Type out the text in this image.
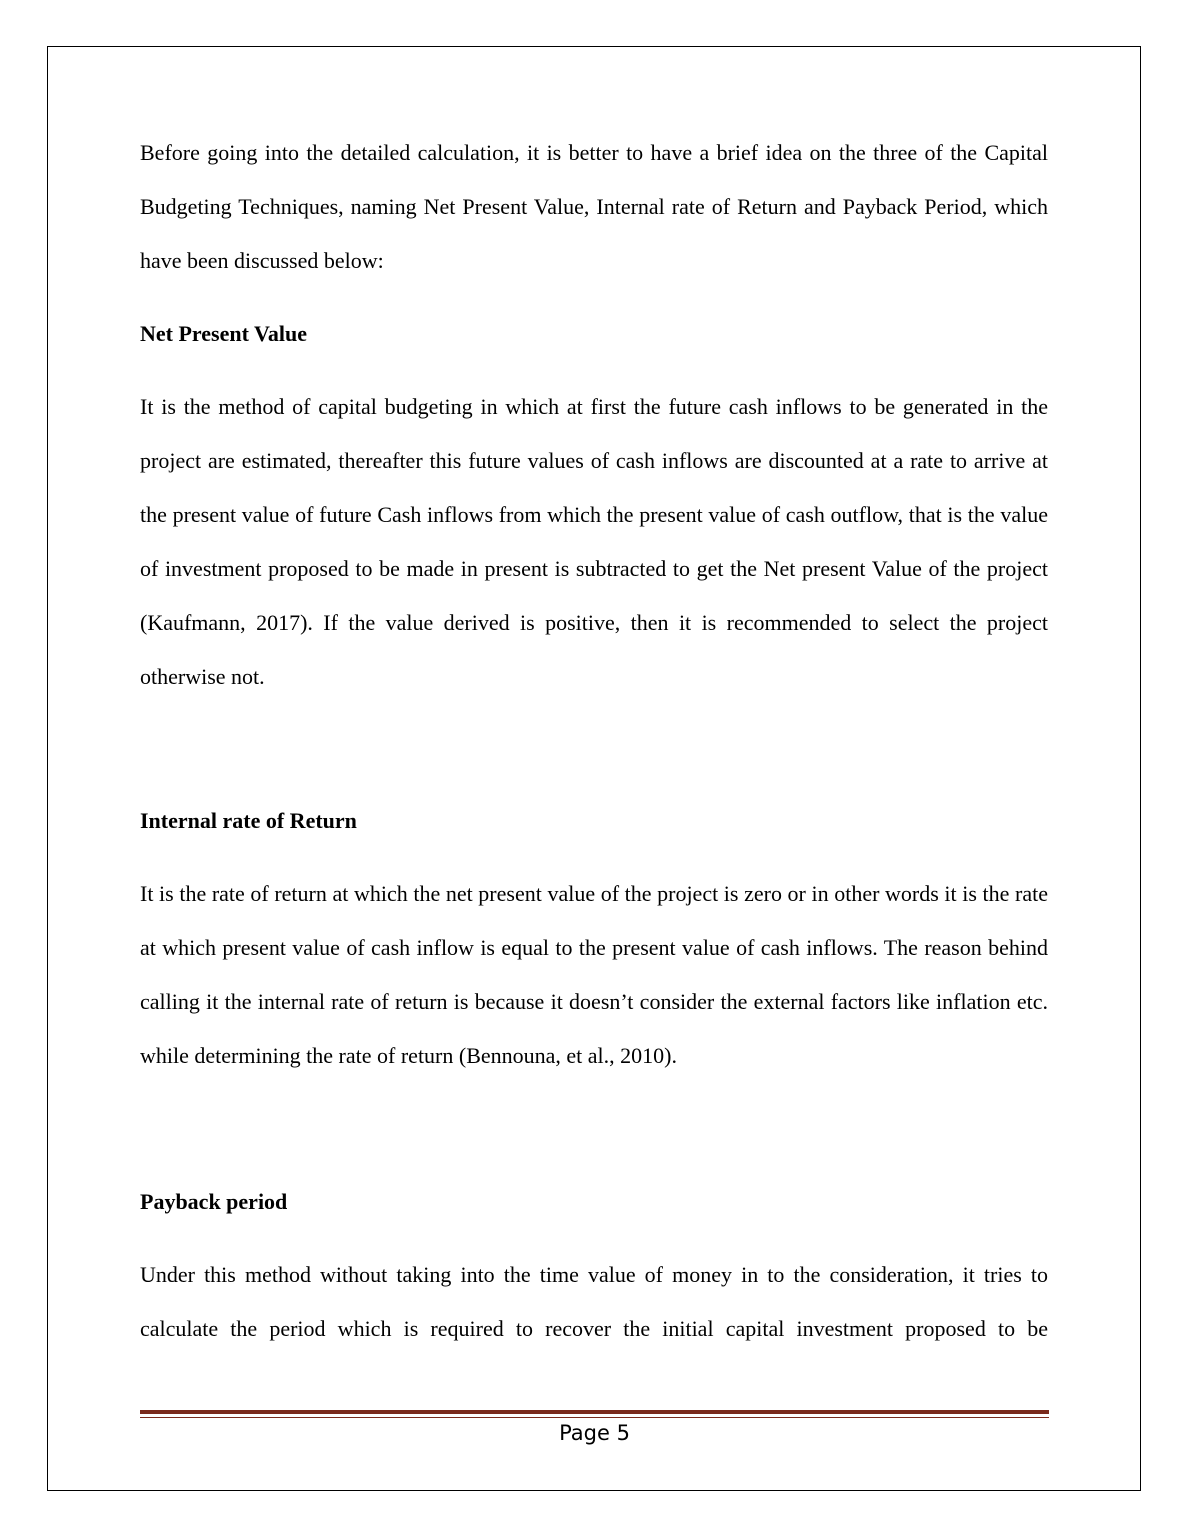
Before going into the detailed calculation, it is better to have a brief idea on the three of the Capital Budgeting Techniques, naming Net Present Value, Internal rate of Return and Payback Period, which have been discussed below:

Net Present Value

It is the method of capital budgeting in which at first the future cash inflows to be generated in the project are estimated, thereafter this future values of cash inflows are discounted at a rate to arrive at the present value of future Cash inflows from which the present value of cash outflow, that is the value of investment proposed to be made in present is subtracted to get the Net present Value of the project (Kaufmann, 2017). If the value derived is positive, then it is recommended to select the project otherwise not.

Internal rate of Return

It is the rate of return at which the net present value of the project is zero or in other words it is the rate at which present value of cash inflow is equal to the present value of cash inflows. The reason behind calling it the internal rate of return is because it doesn’t consider the external factors like inflation etc. while determining the rate of return (Bennouna, et al., 2010).

Payback period

Under this method without taking into the time value of money in to the consideration, it tries to calculate the period which is required to recover the initial capital investment proposed to be

Page 5
